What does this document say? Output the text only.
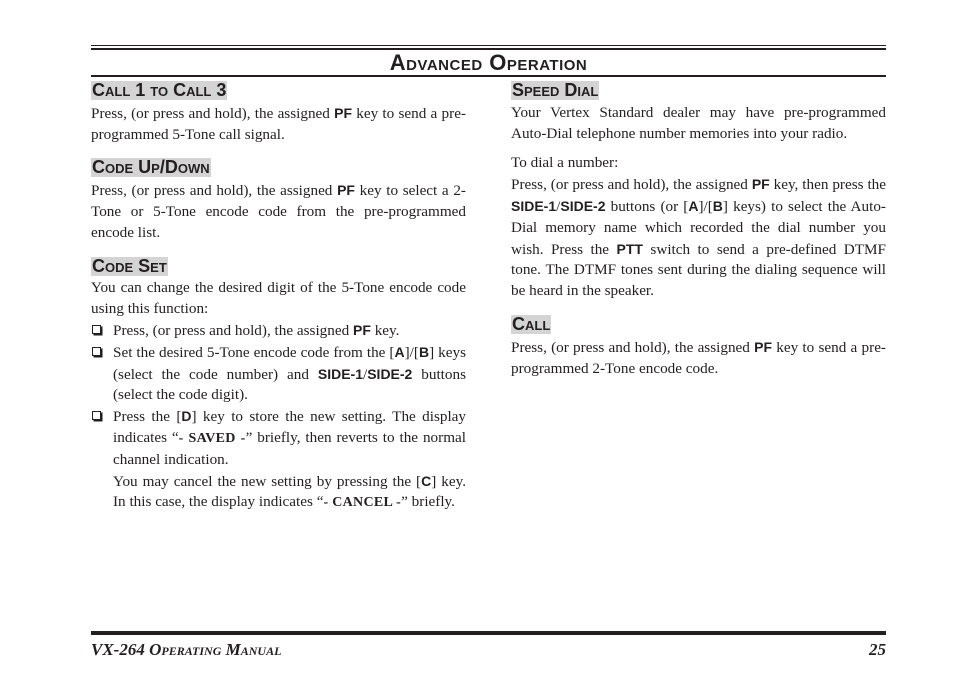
Advanced Operation
Call 1 to Call 3

Press, (or press and hold), the assigned PF key to send a pre-programmed 5-Tone call signal.

Code Up/Down

Press, (or press and hold), the assigned PF key to select a 2-Tone or 5-Tone encode code from the pre-programmed encode list.

Code Set

You can change the desired digit of the 5-Tone encode code using this function:

Press, (or press and hold), the assigned PF key.
Set the desired 5-Tone encode code from the [A]/[B] keys (select the code number) and SIDE-1/SIDE-2 buttons (select the code digit).
Press the [D] key to store the new setting. The display indicates “- SAVED -” briefly, then reverts to the normal channel indication.

You may cancel the new setting by pressing the [C] key. In this case, the display indicates “- CANCEL -” briefly.

Speed Dial

Your Vertex Standard dealer may have pre-programmed Auto-Dial telephone number memories into your radio.

To dial a number:

Press, (or press and hold), the assigned PF key, then press the SIDE-1/SIDE-2 buttons (or [A]/[B] keys) to select the Auto-Dial memory name which recorded the dial number you wish. Press the PTT switch to send a pre-defined DTMF tone. The DTMF tones sent during the dialing sequence will be heard in the speaker.

Call

Press, (or press and hold), the assigned PF key to send a pre-programmed 2-Tone encode code.

VX-264 Operating Manual	25
